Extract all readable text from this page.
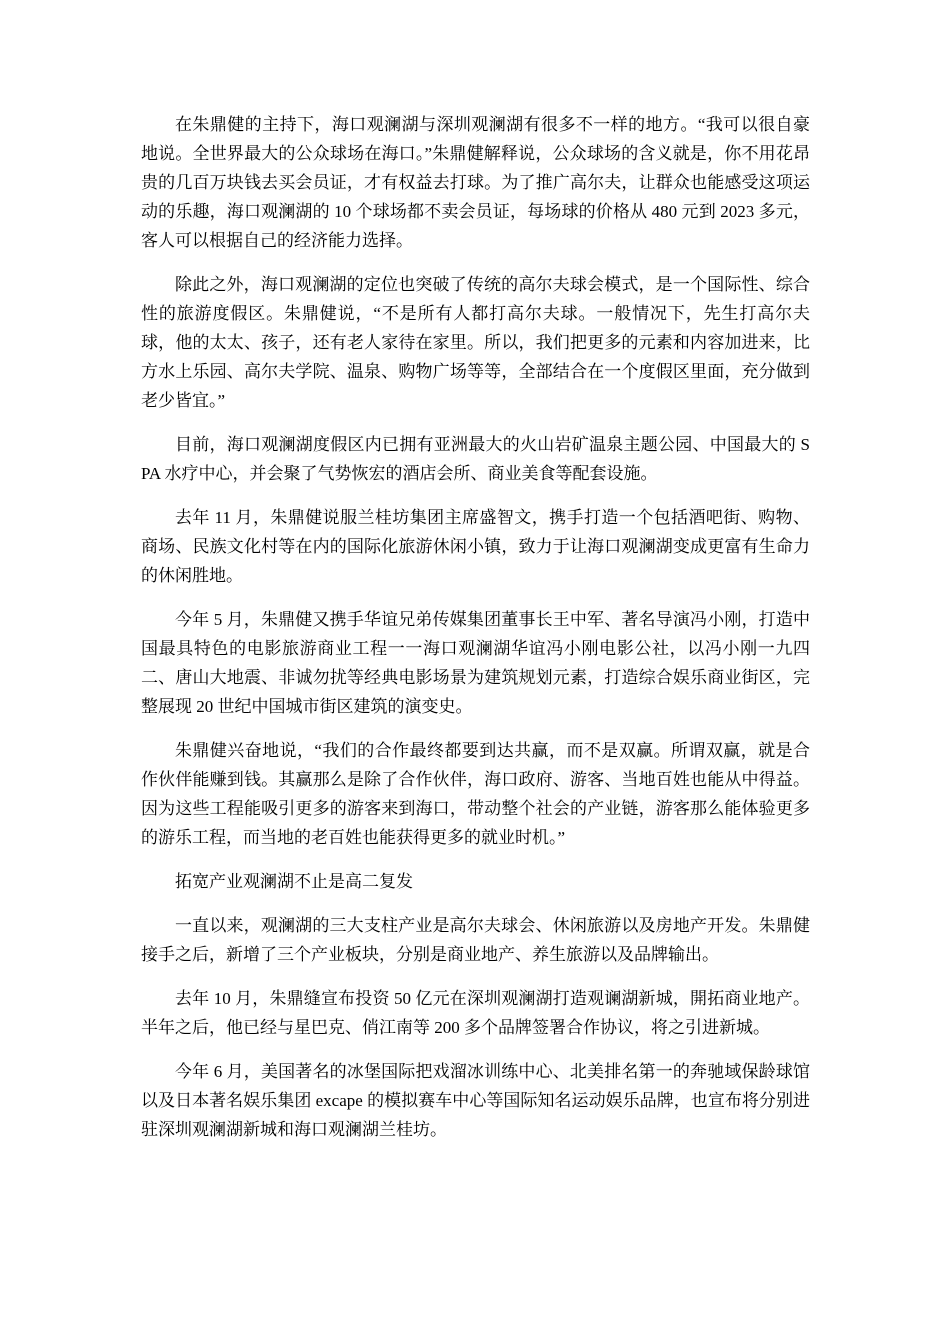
在朱鼎健的主持下，海口观澜湖与深圳观澜湖有很多不一样的地方。“我可以很自豪地说。全世界最大的公众球场在海口。”朱鼎健解释说，公众球场的含义就是，你不用花昂贵的几百万块钱去买会员证，才有权益去打球。为了推广高尔夫，让群众也能感受这项运动的乐趣，海口观澜湖的 10 个球场都不卖会员证，每场球的价格从 480 元到 2023 多元，客人可以根据自己的经济能力选择。

除此之外，海口观澜湖的定位也突破了传统的高尔夫球会模式，是一个国际性、综合性的旅游度假区。朱鼎健说，“不是所有人都打高尔夫球。一般情况下，先生打高尔夫球，他的太太、孩子，还有老人家待在家里。所以，我们把更多的元素和内容加进来，比方水上乐园、高尔夫学院、温泉、购物广场等等，全部结合在一个度假区里面，充分做到老少皆宜。”

目前，海口观澜湖度假区内已拥有亚洲最大的火山岩矿温泉主题公园、中国最大的 SPA 水疗中心，并会聚了气势恢宏的酒店会所、商业美食等配套设施。

去年 11 月，朱鼎健说服兰桂坊集团主席盛智文，携手打造一个包括酒吧街、购物、商场、民族文化村等在内的国际化旅游休闲小镇，致力于让海口观澜湖变成更富有生命力的休闲胜地。

今年 5 月，朱鼎健又携手华谊兄弟传媒集团董事长王中军、著名导演冯小刚，打造中国最具特色的电影旅游商业工程一一海口观澜湖华谊冯小刚电影公社，以冯小刚一九四二、唐山大地震、非诚勿扰等经典电影场景为建筑规划元素，打造综合娱乐商业街区，完整展现 20 世纪中国城市街区建筑的演变史。

朱鼎健兴奋地说，“我们的合作最终都要到达共赢，而不是双赢。所谓双赢，就是合作伙伴能赚到钱。其赢那么是除了合作伙伴，海口政府、游客、当地百姓也能从中得益。因为这些工程能吸引更多的游客来到海口，带动整个社会的产业链，游客那么能体验更多的游乐工程，而当地的老百姓也能获得更多的就业时机。”

拓宽产业观澜湖不止是高二复发

一直以来，观澜湖的三大支柱产业是高尔夫球会、休闲旅游以及房地产开发。朱鼎健接手之后，新增了三个产业板块，分别是商业地产、养生旅游以及品牌输出。

去年 10 月，朱鼎缝宣布投资 50 亿元在深圳观澜湖打造观谰湖新城，開拓商业地产。半年之后，他已经与星巴克、俏江南等 200 多个品牌签署合作协议，将之引进新城。

今年 6 月，美国著名的冰堡国际把戏溜冰训练中心、北美排名第一的奔驰域保龄球馆以及日本著名娱乐集团 excape 的模拟赛车中心等国际知名运动娱乐品牌，也宣布将分别进驻深圳观澜湖新城和海口观澜湖兰桂坊。
